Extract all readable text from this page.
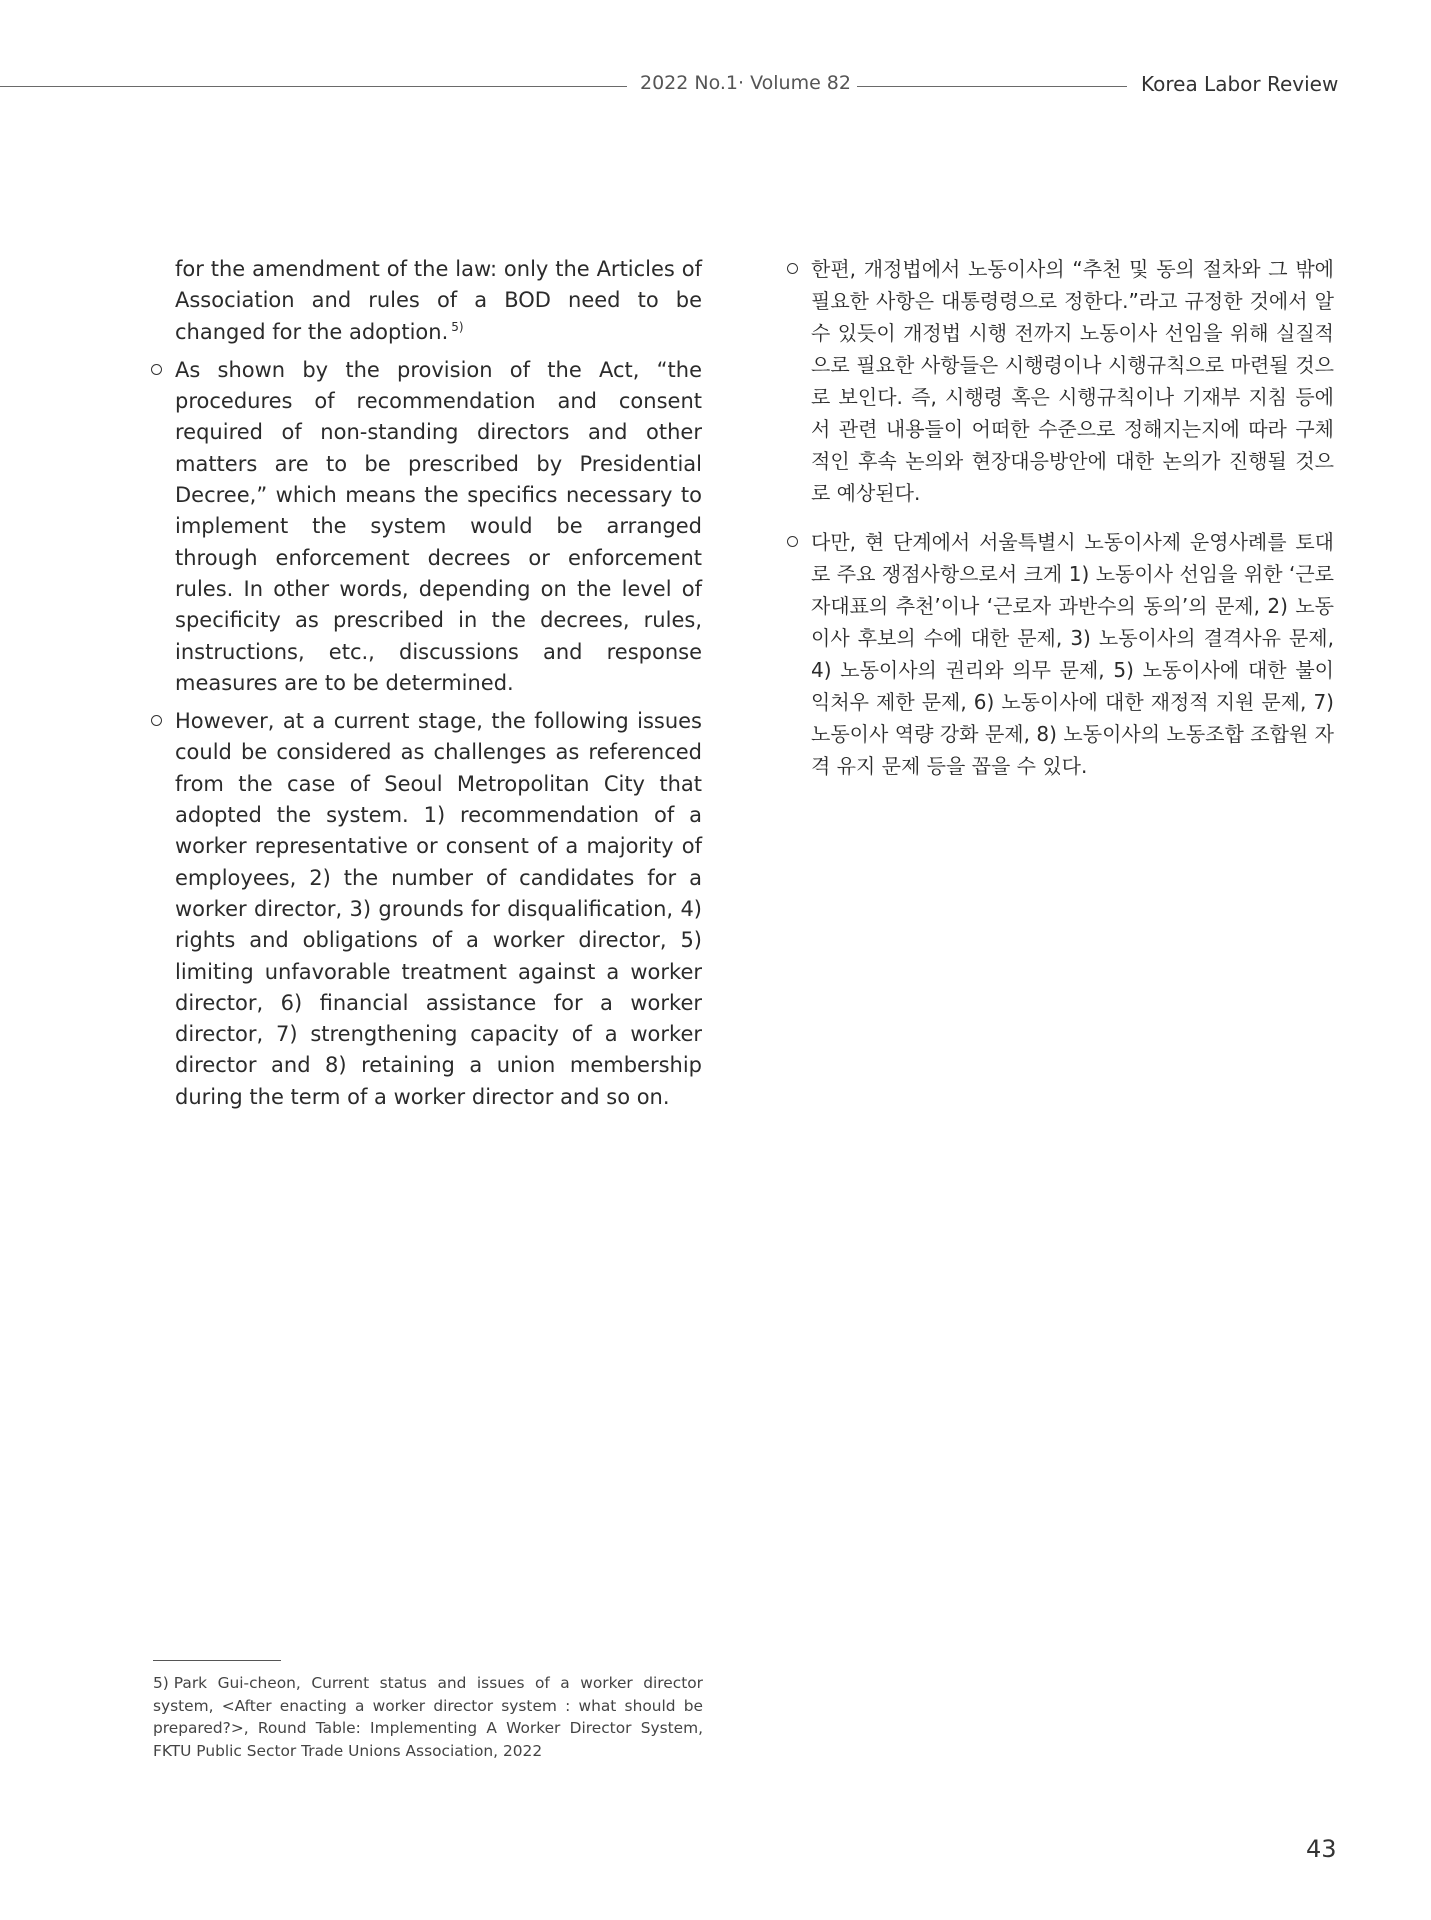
2022 No.1· Volume 82	Korea Labor Review
for the amendment of the law: only the Articles of Association and rules of a BOD need to be changed for the adoption. $^{5)}$
As shown by the provision of the Act, “the procedures of recommendation and consent required of non-standing directors and other matters are to be prescribed by Presidential Decree,” which means the specifics necessary to implement the system would be arranged through enforcement decrees or enforcement rules. In other words, depending on the level of specificity as prescribed in the decrees, rules, instructions, etc., discussions and response measures are to be determined.
However, at a current stage, the following issues could be considered as challenges as referenced from the case of Seoul Metropolitan City that adopted the system. 1) recommendation of a worker representative or consent of a majority of employees, 2) the number of candidates for a worker director, 3) grounds for disqualification, 4) rights and obligations of a worker director, 5) limiting unfavorable treatment against a worker director, 6) financial assistance for a worker director, 7) strengthening capacity of a worker director and 8) retaining a union membership during the term of a worker director and so on.
한편, 개정법에서 노동이사의 “추천 및 동의 절차와 그 밖에 필요한 사항은 대통령령으로 정한다.”라고 규정한 것에서 알 수 있듯이 개정법 시행 전까지 노동이사 선임을 위해 실질적으로 필요한 사항들은 시행령이나 시행규칙으로 마련될 것으로 보인다. 즉, 시행령 혹은 시행규칙이나 기재부 지침 등에서 관련 내용들이 어떠한 수준으로 정해지는지에 따라 구체적인 후속 논의와 현장대응방안에 대한 논의가 진행될 것으로 예상된다.
다만, 현 단계에서 서울특별시 노동이사제 운영사례를 토대로 주요 쟁점사항으로서 크게 1) 노동이사 선임을 위한 ‘근로자대표의 추천’이나 ‘근로자 과반수의 동의’의 문제, 2) 노동이사 후보의 수에 대한 문제, 3) 노동이사의 결격사유 문제, 4) 노동이사의 권리와 의무 문제, 5) 노동이사에 대한 불이익처우 제한 문제, 6) 노동이사에 대한 재정적 지원 문제, 7) 노동이사 역량 강화 문제, 8) 노동이사의 노동조합 조합원 자격 유지 문제 등을 꼽을 수 있다.
5) Park Gui-cheon, Current status and issues of a worker director system, <After enacting a worker director system : what should be prepared?>, Round Table: Implementing A Worker Director System, FKTU Public Sector Trade Unions Association, 2022
43
